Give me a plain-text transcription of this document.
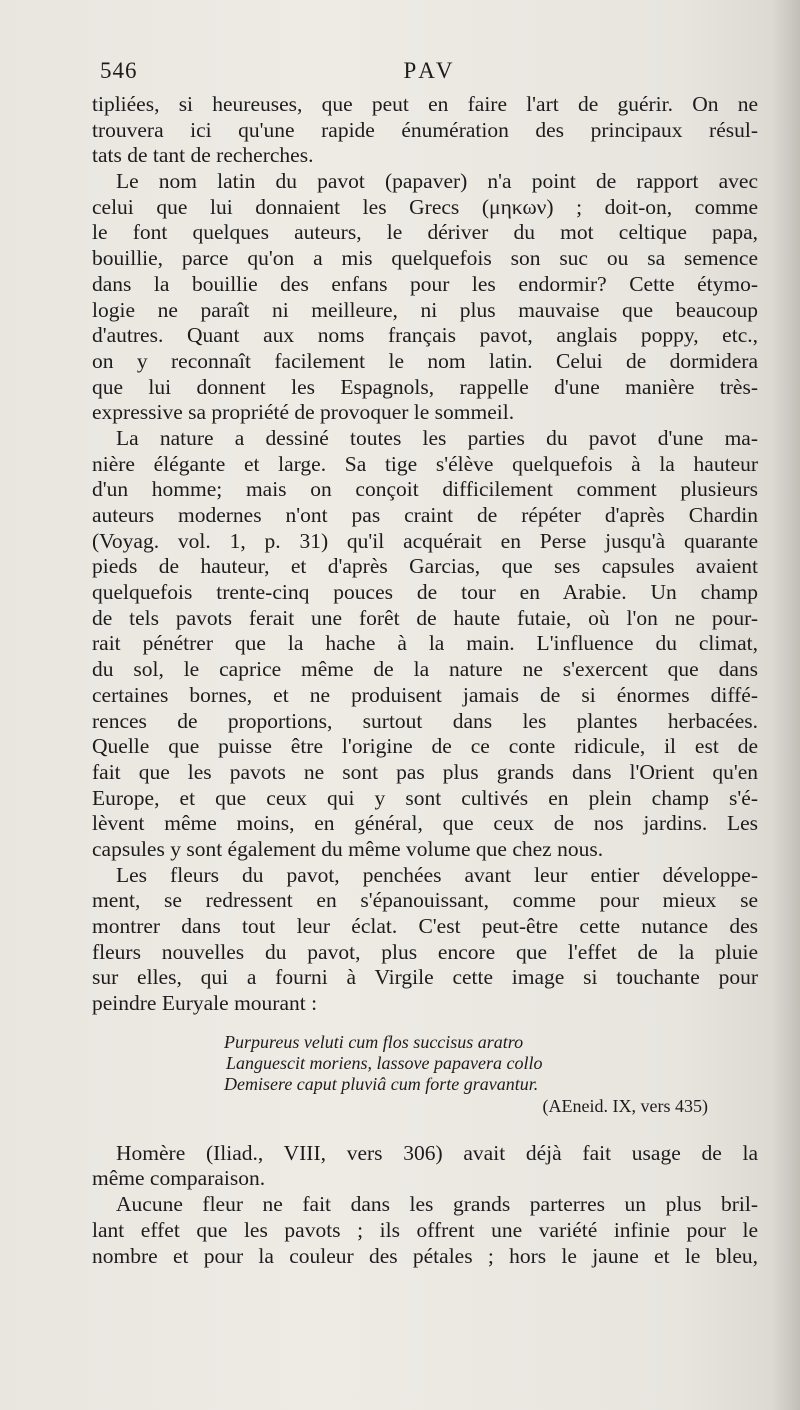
546	PAV
tipliées, si heureuses, que peut en faire l'art de guérir. On ne
trouvera ici qu'une rapide énumération des principaux résul-
tats de tant de recherches.
Le nom latin du pavot (papaver) n'a point de rapport avec
celui que lui donnaient les Grecs (μηκων) ; doit-on, comme
le font quelques auteurs, le dériver du mot celtique papa,
bouillie, parce qu'on a mis quelquefois son suc ou sa semence
dans la bouillie des enfans pour les endormir? Cette étymo-
logie ne paraît ni meilleure, ni plus mauvaise que beaucoup
d'autres. Quant aux noms français pavot, anglais poppy, etc.,
on y reconnaît facilement le nom latin. Celui de dormidera
que lui donnent les Espagnols, rappelle d'une manière très-
expressive sa propriété de provoquer le sommeil.
La nature a dessiné toutes les parties du pavot d'une ma-
nière élégante et large. Sa tige s'élève quelquefois à la hauteur
d'un homme; mais on conçoit difficilement comment plusieurs
auteurs modernes n'ont pas craint de répéter d'après Chardin
(Voyag. vol. 1, p. 31) qu'il acquérait en Perse jusqu'à quarante
pieds de hauteur, et d'après Garcias, que ses capsules avaient
quelquefois trente-cinq pouces de tour en Arabie. Un champ
de tels pavots ferait une forêt de haute futaie, où l'on ne pour-
rait pénétrer que la hache à la main. L'influence du climat,
du sol, le caprice même de la nature ne s'exercent que dans
certaines bornes, et ne produisent jamais de si énormes diffé-
rences de proportions, surtout dans les plantes herbacées.
Quelle que puisse être l'origine de ce conte ridicule, il est de
fait que les pavots ne sont pas plus grands dans l'Orient qu'en
Europe, et que ceux qui y sont cultivés en plein champ s'é-
lèvent même moins, en général, que ceux de nos jardins. Les
capsules y sont également du même volume que chez nous.
Les fleurs du pavot, penchées avant leur entier développe-
ment, se redressent en s'épanouissant, comme pour mieux se
montrer dans tout leur éclat. C'est peut-être cette nutance des
fleurs nouvelles du pavot, plus encore que l'effet de la pluie
sur elles, qui a fourni à Virgile cette image si touchante pour
peindre Euryale mourant :
Purpureus veluti cum flos succisus aratro
Languescit moriens, lassove papavera collo
Demisere caput pluviâ cum forte gravantur.
(AEneid. IX, vers 435)
Homère (Iliad., VIII, vers 306) avait déjà fait usage de la
même comparaison.
Aucune fleur ne fait dans les grands parterres un plus bril-
lant effet que les pavots ; ils offrent une variété infinie pour le
nombre et pour la couleur des pétales ; hors le jaune et le bleu,
